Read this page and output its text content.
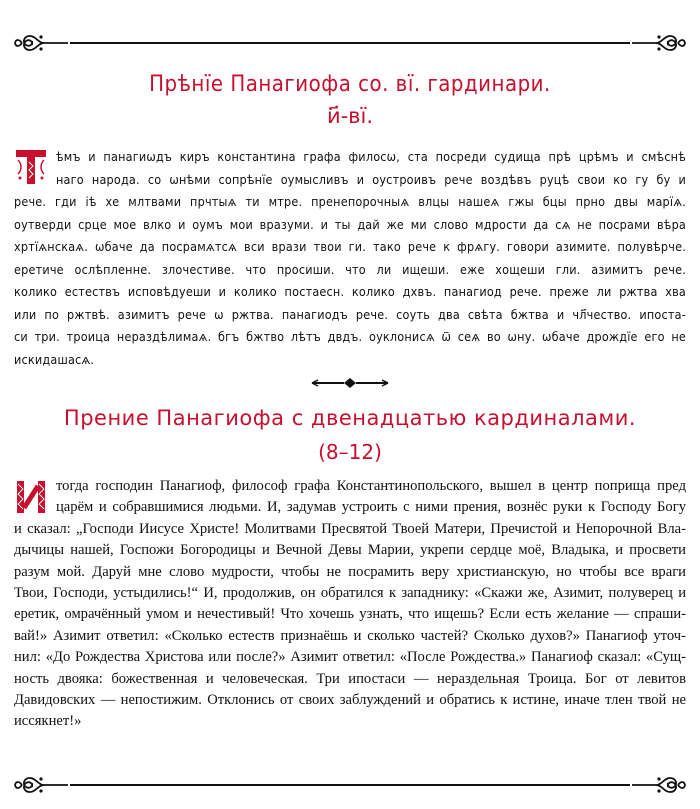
Прѣнїе Панагиофа со. вї. гардинари.
и҃-вї.

ѣмъ и панагиѡдъ киръ константина графа филосѡ, ста посреди судища прѣ црѣмъ и смѣснѣ
наго народа. со ѡнѣми сопрѣнїе оумысливъ и оустроивъ рече воздѣвъ руцѣ свои ко гу бу и
рече. гди іѣ хе млтвами прчтыѧ ти мтре. пренепорочныѧ влцы нашеѧ гжы бцы прно двы марїѧ.
оутверди срце мое влко и оумъ мои вразуми. и ты дай же ми слово мдрости да сѧ не посрами вѣра
хртїѧнскаѧ. ѡбаче да посрамѧтсѧ вси врази твои ги. тако рече к фрѧгу. говори азимите. полувѣрче.
еретиче ослѣпленне. злочестиве. что просиши. что ли ищеши. еже хощеши гли. азимитъ рече.
колико естествъ исповѣдуеши и колико постаесн. колико дхвъ. панагиод рече. преже ли ржтва хва
или по ржтвѣ. азимитъ рече ѡ ржтва. панагиодъ рече. соуть два свѣта бжтва и чл҃чество. ипоста-
си три. троица нераздѣлимаѧ. бгъ бжтво лѣтъ двдъ. оуклонисѧ ѿ сеѧ во ѡну. ѡбаче дрождїе его не
искидашасѧ.

Прение Панагиофа с двенадцатью кардиналами.
(8–12)

тогда господин Панагиоф, философ графа Константинопольского, вышел в центр поприща пред
царём и собравшимися людьми. И, задумав устроить с ними прения, вознёс руки к Господу Богу
и сказал: „Господи Иисусе Христе! Молитвами Пресвятой Твоей Матери, Пречистой и Непорочной Вла-
дычицы нашей, Госпожи Богородицы и Вечной Девы Марии, укрепи сердце моё, Владыка, и просвети
разум мой. Даруй мне слово мудрости, чтобы не посрамить веру христианскую, но чтобы все враги
Твои, Господи, устыдились!“ И, продолжив, он обратился к западнику: «Скажи же, Азимит, полуверец и
еретик, омрачённый умом и нечестивый! Что хочешь узнать, что ищешь? Если есть желание — спраши-
вай!» Азимит ответил: «Сколько естеств признаёшь и сколько частей? Сколько духов?» Панагиоф уточ-
нил: «До Рождества Христова или после?» Азимит ответил: «После Рождества.» Панагиоф сказал: «Сущ-
ность двояка: божественная и человеческая. Три ипостаси — нераздельная Троица. Бог от левитов
Давидовских — непостижим. Отклонись от своих заблуждений и обратись к истине, иначе тлен твой не
иссякнет!»
